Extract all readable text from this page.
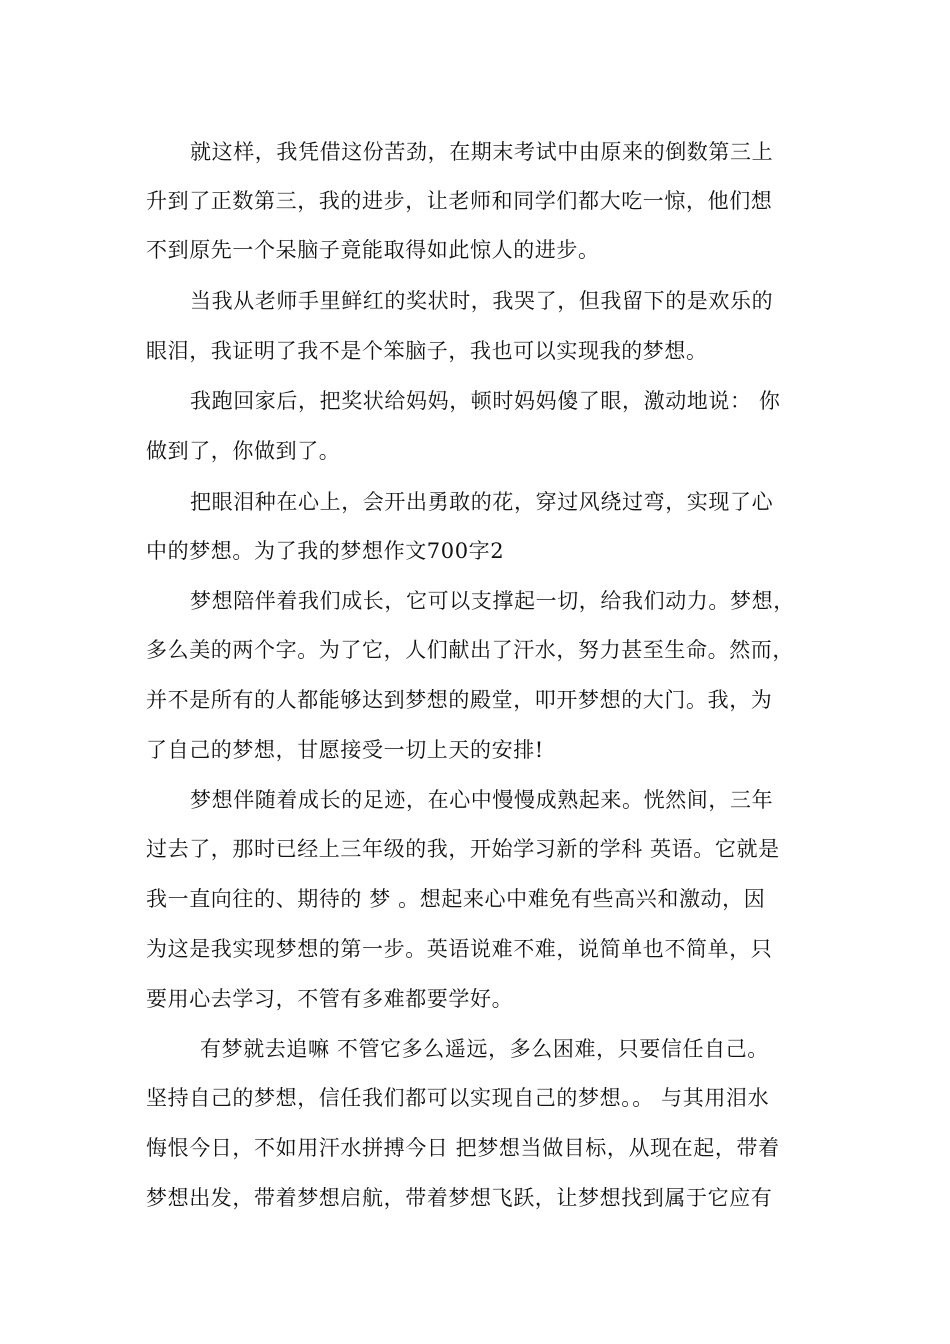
就这样，我凭借这份苦劲，在期末考试中由原来的倒数第三上
升到了正数第三，我的进步，让老师和同学们都大吃一惊，他们想
不到原先一个呆脑子竟能取得如此惊人的进步。
当我从老师手里鲜红的奖状时，我哭了，但我留下的是欢乐的
眼泪，我证明了我不是个笨脑子，我也可以实现我的梦想。
我跑回家后，把奖状给妈妈，顿时妈妈傻了眼，激动地说： 你
做到了，你做到了。
把眼泪种在心上，会开出勇敢的花，穿过风绕过弯，实现了心
中的梦想。为了我的梦想作文700字2
梦想陪伴着我们成长，它可以支撑起一切，给我们动力。梦想，
多么美的两个字。为了它，人们献出了汗水，努力甚至生命。然而，
并不是所有的人都能够达到梦想的殿堂，叩开梦想的大门。我，为
了自己的梦想，甘愿接受一切上天的安排!
梦想伴随着成长的足迹，在心中慢慢成熟起来。恍然间，三年
过去了，那时已经上三年级的我，开始学习新的学科 英语。它就是
我一直向往的、期待的 梦 。想起来心中难免有些高兴和激动，因
为这是我实现梦想的第一步。英语说难不难，说简单也不简单，只
要用心去学习，不管有多难都要学好。
有梦就去追嘛 不管它多么遥远，多么困难，只要信任自己。
坚持自己的梦想，信任我们都可以实现自己的梦想。。 与其用泪水
悔恨今日，不如用汗水拼搏今日 把梦想当做目标，从现在起，带着
梦想出发，带着梦想启航，带着梦想飞跃，让梦想找到属于它应有
